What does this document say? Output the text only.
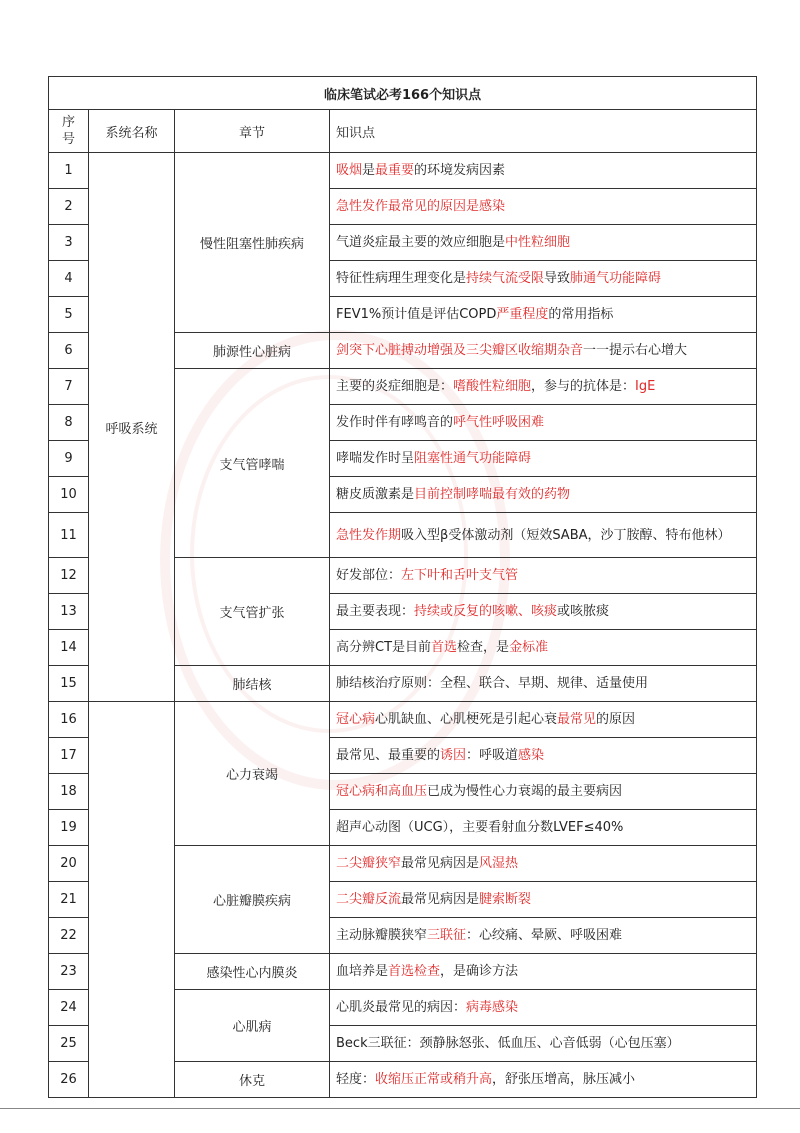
临床笔试必考166个知识点			
序号	系统名称	章节	知识点
1	呼吸系统	慢性阻塞性肺疾病	吸烟是最重要的环境发病因素
2			急性发作最常见的原因是感染
3			气道炎症最主要的效应细胞是中性粒细胞
4			特征性病理生理变化是持续气流受限导致肺通气功能障碍
5			FEV1%预计值是评估COPD严重程度的常用指标
6		肺源性心脏病	剑突下心脏搏动增强及三尖瓣区收缩期杂音一一提示右心增大
7		支气管哮喘	主要的炎症细胞是：嗜酸性粒细胞，参与的抗体是：IgE
8			发作时伴有哮鸣音的呼气性呼吸困难
9			哮喘发作时呈阻塞性通气功能障碍
10			糖皮质激素是目前控制哮喘最有效的药物
11			急性发作期吸入型β受体激动剂（短效SABA，沙丁胺醇、特布他林）
12		支气管扩张	好发部位：左下叶和舌叶支气管
13			最主要表现：持续或反复的咳嗽、咳痰或咳脓痰
14			高分辨CT是目前首选检查，是金标准
15		肺结核	肺结核治疗原则：全程、联合、早期、规律、适量使用
16		心力衰竭	冠心病心肌缺血、心肌梗死是引起心衰最常见的原因
17			最常见、最重要的诱因：呼吸道感染
18			冠心病和高血压已成为慢性心力衰竭的最主要病因
19			超声心动图（UCG），主要看射血分数LVEF≤40%
20		心脏瓣膜疾病	二尖瓣狭窄最常见病因是风湿热
21			二尖瓣反流最常见病因是腱索断裂
22			主动脉瓣膜狭窄三联征：心绞痛、晕厥、呼吸困难
23		感染性心内膜炎	血培养是首选检查，是确诊方法
24		心肌病	心肌炎最常见的病因：病毒感染
25			Beck三联征：颈静脉怒张、低血压、心音低弱（心包压塞）
26		休克	轻度：收缩压正常或稍升高，舒张压增高，脉压减小
